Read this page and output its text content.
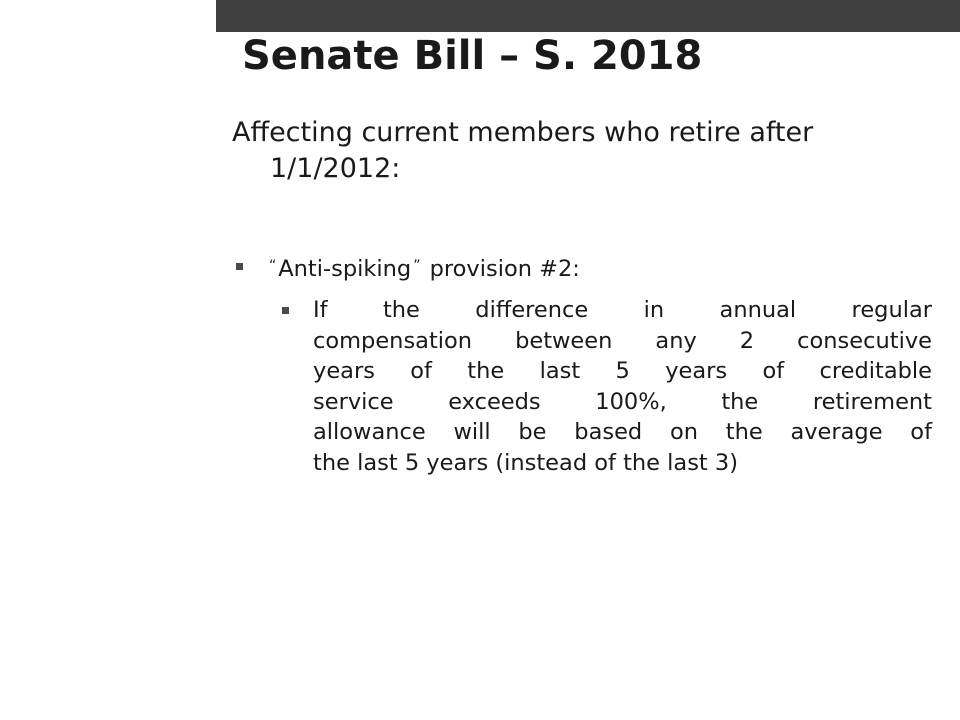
Senate Bill – S. 2018
Affecting current members who retire after
1/1/2012:
“Anti-spiking ” provision #2:
If the difference in annual regular
compensation between any 2 consecutive
years of the last 5 years of creditable
service exceeds 100%, the retirement
allowance will be based on the average of
the last 5 years (instead of the last 3)
